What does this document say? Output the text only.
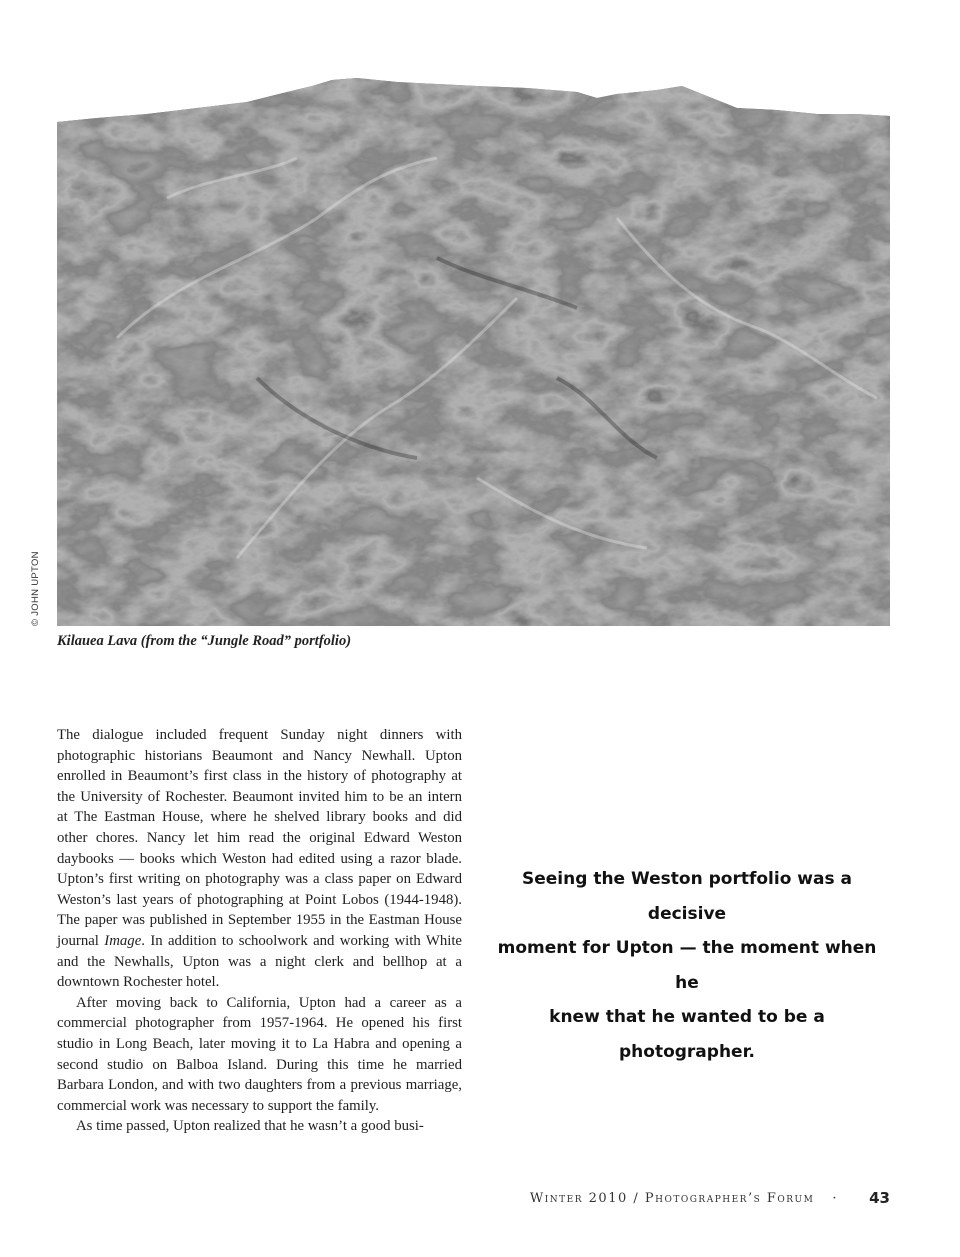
© JOHN UPTON
Kilauea Lava (from the “Jungle Road” portfolio)

The dialogue included frequent Sunday night dinners with photographic historians Beaumont and Nancy Newhall. Upton enrolled in Beaumont’s first class in the history of photography at the University of Rochester. Beaumont invited him to be an intern at The Eastman House, where he shelved library books and did other chores. Nancy let him read the original Edward Weston daybooks — books which Weston had edited using a razor blade. Upton’s first writing on photography was a class paper on Edward Weston’s last years of photographing at Point Lobos (1944-1948). The paper was published in September 1955 in the Eastman House journal Image. In addition to schoolwork and working with White and the Newhalls, Upton was a night clerk and bellhop at a downtown Rochester hotel.

After moving back to California, Upton had a career as a commercial photographer from 1957-1964. He opened his first studio in Long Beach, later moving it to La Habra and opening a second studio on Balboa Island. During this time he married Barbara London, and with two daughters from a previous marriage, commercial work was necessary to support the family.

As time passed, Upton realized that he wasn’t a good busi-

Seeing the Weston portfolio was a decisive

moment for Upton — the moment when he

knew that he wanted to be a photographer.

Winter 2010 / Photographer’s Forum ·	43
